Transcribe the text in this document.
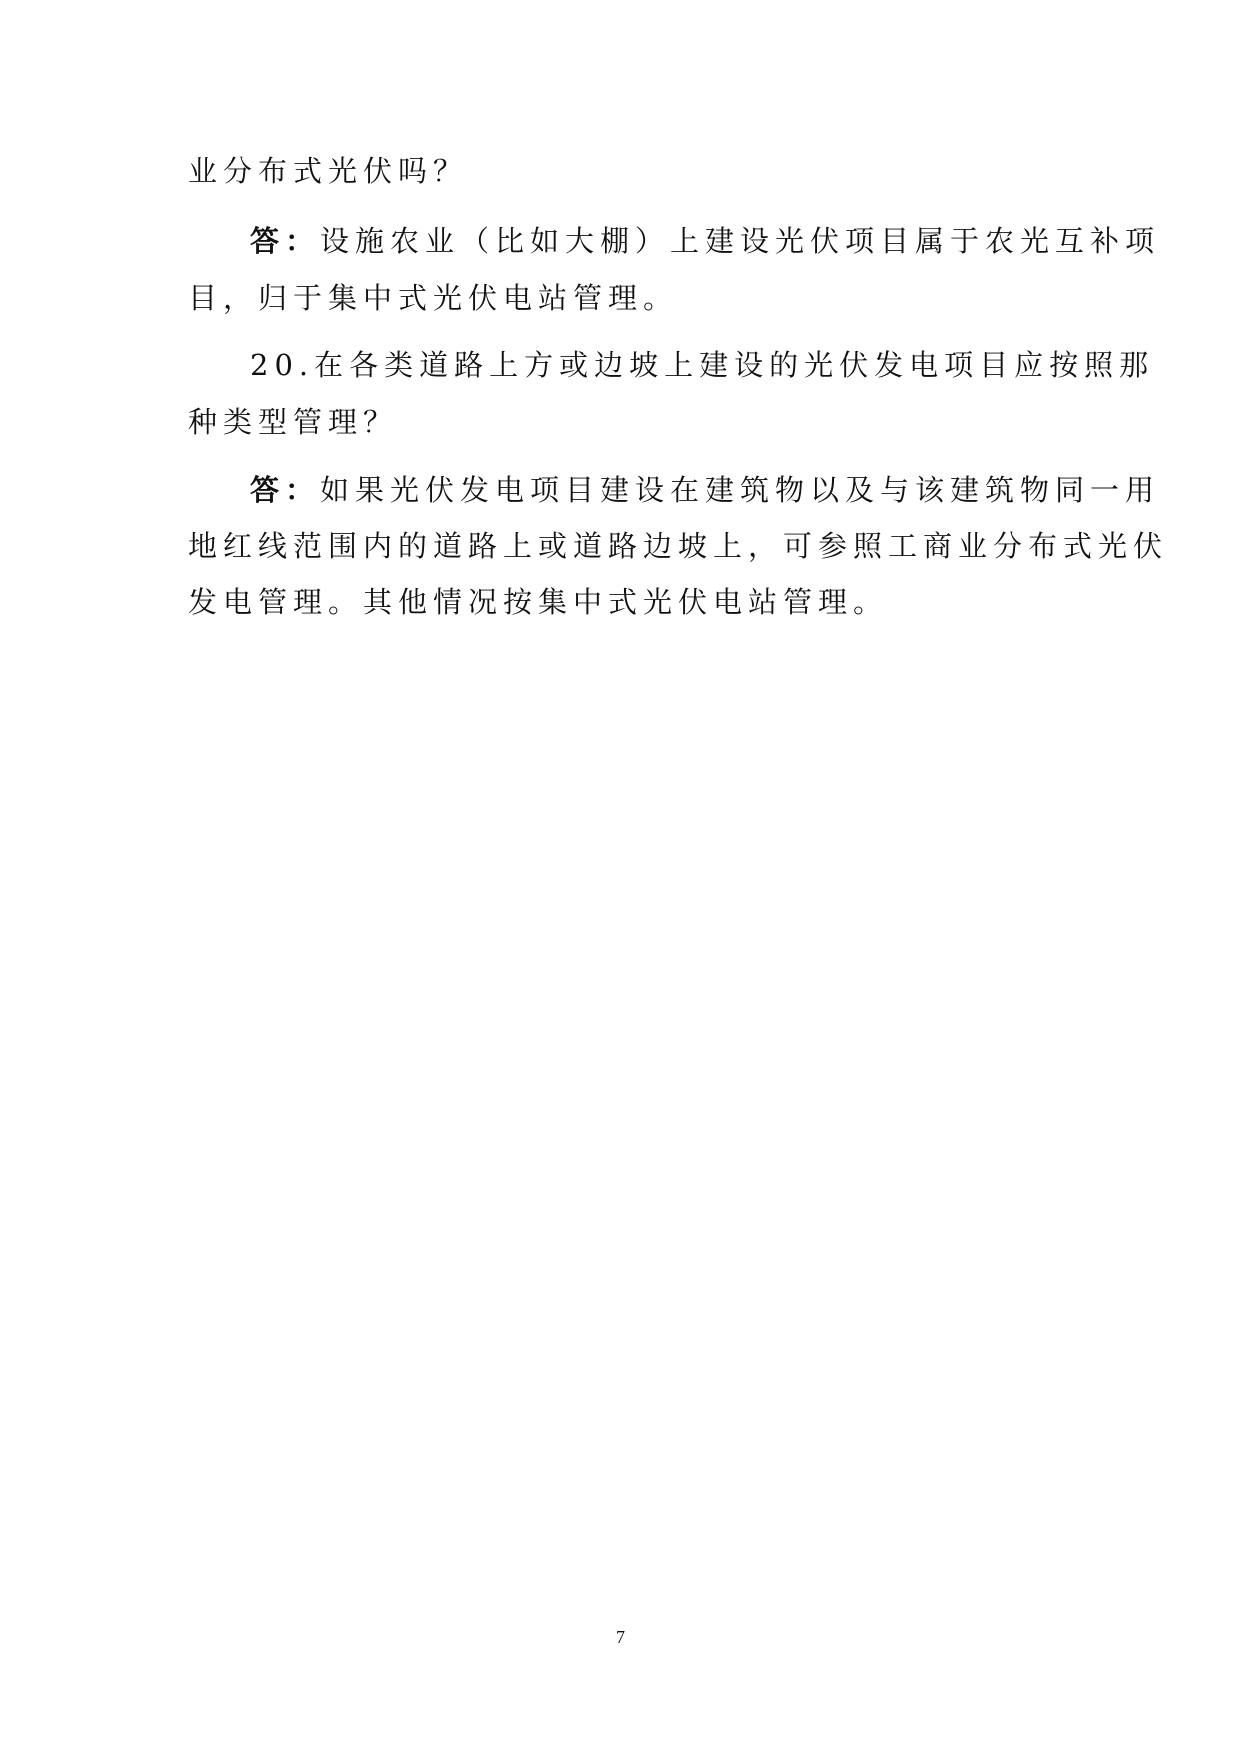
业分布式光伏吗？
答：设施农业（比如大棚）上建设光伏项目属于农光互补项
目，归于集中式光伏电站管理。
20.在各类道路上方或边坡上建设的光伏发电项目应按照那
种类型管理？
答：如果光伏发电项目建设在建筑物以及与该建筑物同一用
地红线范围内的道路上或道路边坡上，可参照工商业分布式光伏
发电管理。其他情况按集中式光伏电站管理。
7
